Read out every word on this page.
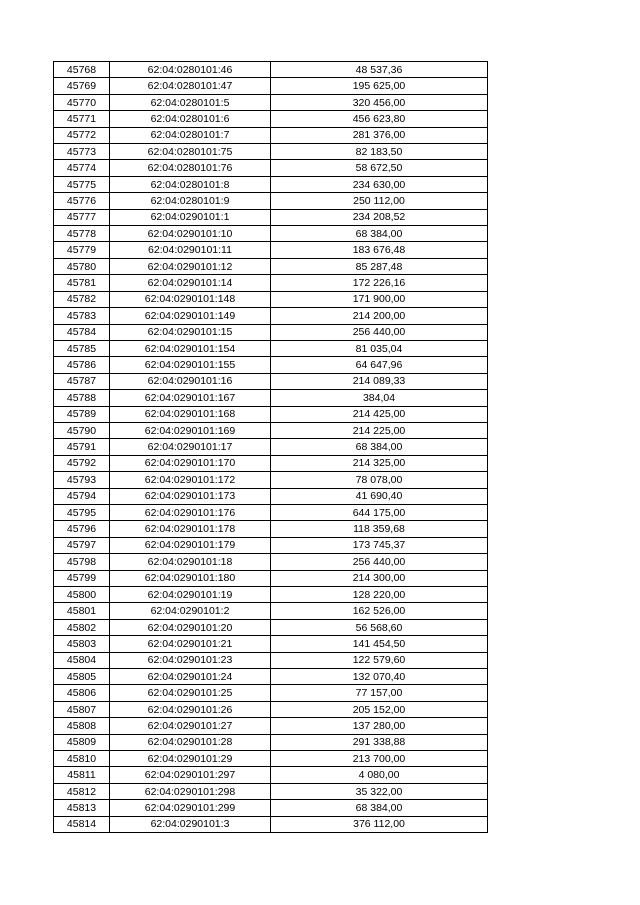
45768	62:04:0280101:46	48 537,36
45769	62:04:0280101:47	195 625,00
45770	62:04:0280101:5	320 456,00
45771	62:04:0280101:6	456 623,80
45772	62:04:0280101:7	281 376,00
45773	62:04:0280101:75	82 183,50
45774	62:04:0280101:76	58 672,50
45775	62:04:0280101:8	234 630,00
45776	62:04:0280101:9	250 112,00
45777	62:04:0290101:1	234 208,52
45778	62:04:0290101:10	68 384,00
45779	62:04:0290101:11	183 676,48
45780	62:04:0290101:12	85 287,48
45781	62:04:0290101:14	172 226,16
45782	62:04:0290101:148	171 900,00
45783	62:04:0290101:149	214 200,00
45784	62:04:0290101:15	256 440,00
45785	62:04:0290101:154	81 035,04
45786	62:04:0290101:155	64 647,96
45787	62:04:0290101:16	214 089,33
45788	62:04:0290101:167	384,04
45789	62:04:0290101:168	214 425,00
45790	62:04:0290101:169	214 225,00
45791	62:04:0290101:17	68 384,00
45792	62:04:0290101:170	214 325,00
45793	62:04:0290101:172	78 078,00
45794	62:04:0290101:173	41 690,40
45795	62:04:0290101:176	644 175,00
45796	62:04:0290101:178	118 359,68
45797	62:04:0290101:179	173 745,37
45798	62:04:0290101:18	256 440,00
45799	62:04:0290101:180	214 300,00
45800	62:04:0290101:19	128 220,00
45801	62:04:0290101:2	162 526,00
45802	62:04:0290101:20	56 568,60
45803	62:04:0290101:21	141 454,50
45804	62:04:0290101:23	122 579,60
45805	62:04:0290101:24	132 070,40
45806	62:04:0290101:25	77 157,00
45807	62:04:0290101:26	205 152,00
45808	62:04:0290101:27	137 280,00
45809	62:04:0290101:28	291 338,88
45810	62:04:0290101:29	213 700,00
45811	62:04:0290101:297	4 080,00
45812	62:04:0290101:298	35 322,00
45813	62:04:0290101:299	68 384,00
45814	62:04:0290101:3	376 112,00
